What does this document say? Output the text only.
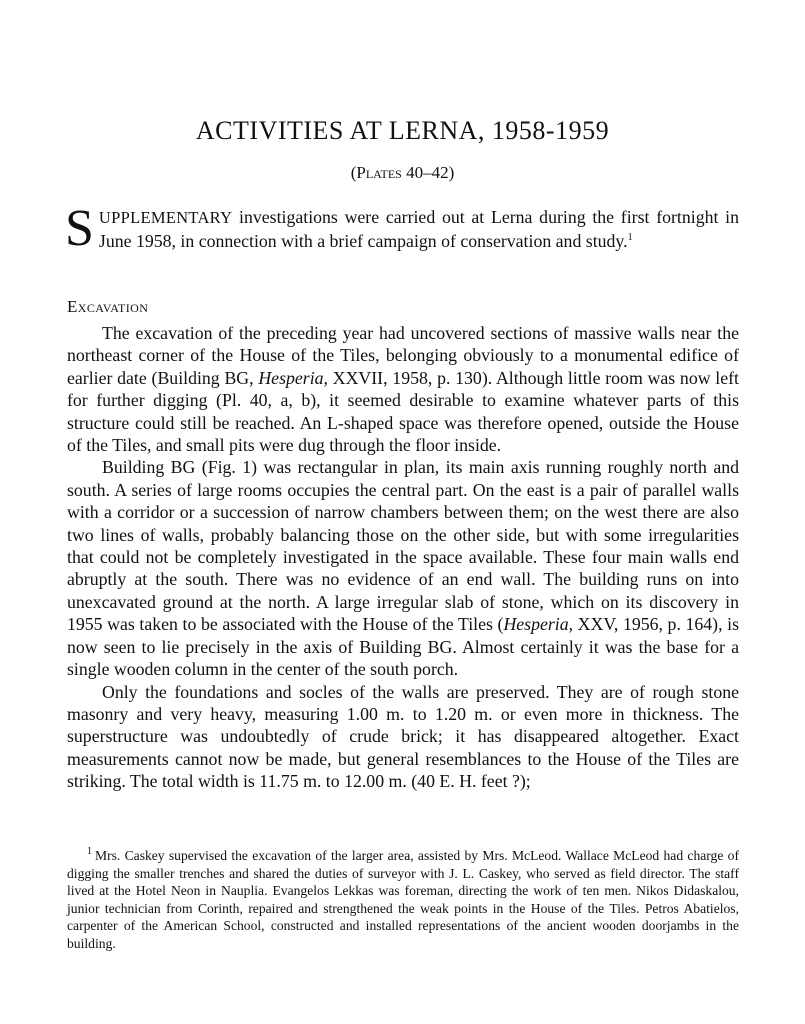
ACTIVITIES AT LERNA, 1958-1959
(Plates 40–42)
SUPPLEMENTARY investigations were carried out at Lerna during the first fortnight in June 1958, in connection with a brief campaign of conservation and study.$^1$
Excavation

The excavation of the preceding year had uncovered sections of massive walls near the northeast corner of the House of the Tiles, belonging obviously to a monumental edifice of earlier date (Building BG, Hesperia, XXVII, 1958, p. 130). Although little room was now left for further digging (Pl. 40, a, b), it seemed desirable to examine whatever parts of this structure could still be reached. An L-shaped space was therefore opened, outside the House of the Tiles, and small pits were dug through the floor inside.

Building BG (Fig. 1) was rectangular in plan, its main axis running roughly north and south. A series of large rooms occupies the central part. On the east is a pair of parallel walls with a corridor or a succession of narrow chambers between them; on the west there are also two lines of walls, probably balancing those on the other side, but with some irregularities that could not be completely investigated in the space available. These four main walls end abruptly at the south. There was no evidence of an end wall. The building runs on into unexcavated ground at the north. A large irregular slab of stone, which on its discovery in 1955 was taken to be associated with the House of the Tiles (Hesperia, XXV, 1956, p. 164), is now seen to lie precisely in the axis of Building BG. Almost certainly it was the base for a single wooden column in the center of the south porch.

Only the foundations and socles of the walls are preserved. They are of rough stone masonry and very heavy, measuring 1.00 m. to 1.20 m. or even more in thickness. The superstructure was undoubtedly of crude brick; it has disappeared altogether. Exact measurements cannot now be made, but general resemblances to the House of the Tiles are striking. The total width is 11.75 m. to 12.00 m. (40 E. H. feet ?);

$^1$ Mrs. Caskey supervised the excavation of the larger area, assisted by Mrs. McLeod. Wallace McLeod had charge of digging the smaller trenches and shared the duties of surveyor with J. L. Caskey, who served as field director. The staff lived at the Hotel Neon in Nauplia. Evangelos Lekkas was foreman, directing the work of ten men. Nikos Didaskalou, junior technician from Corinth, repaired and strengthened the weak points in the House of the Tiles. Petros Abatielos, carpenter of the American School, constructed and installed representations of the ancient wooden doorjambs in the building.
